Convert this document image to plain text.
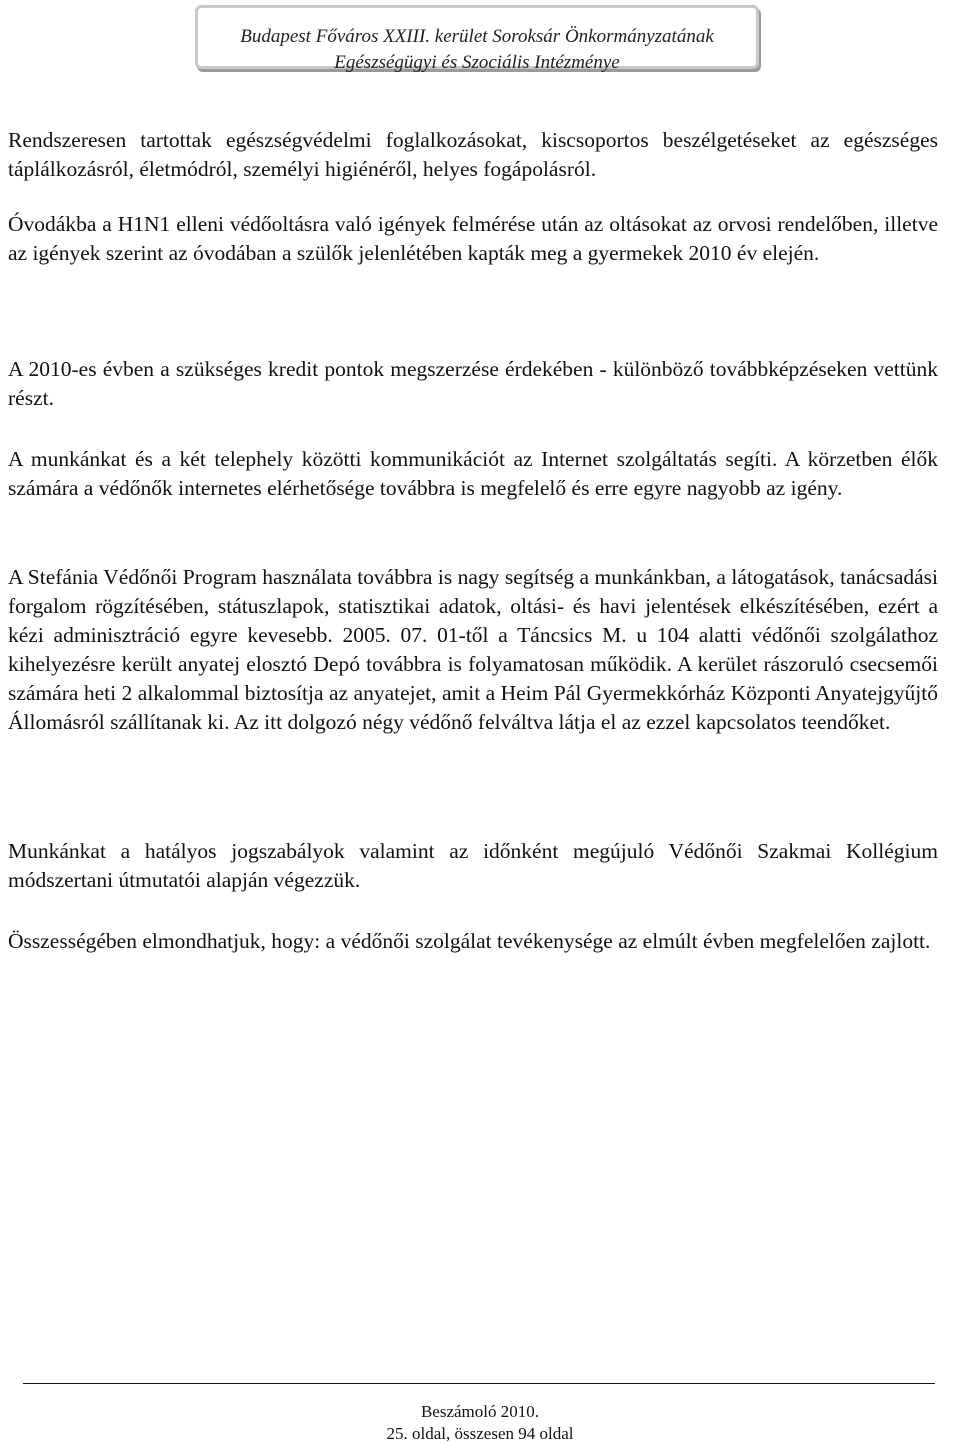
Budapest Főváros XXIII. kerület Soroksár Önkormányzatának
Egészségügyi és Szociális Intézménye

Rendszeresen tartottak egészségvédelmi foglalkozásokat, kiscsoportos beszélgetéseket az egészséges táplálkozásról, életmódról, személyi higiénéről, helyes fogápolásról.

Óvodákba a H1N1 elleni védőoltásra való igények felmérése után az oltásokat az orvosi rendelőben, illetve az igények szerint az óvodában a szülők jelenlétében kapták meg a gyermekek 2010 év elején.

A 2010-es évben a szükséges kredit pontok megszerzése érdekében - különböző továbbképzéseken vettünk részt.

A munkánkat és a két telephely közötti kommunikációt az Internet szolgáltatás segíti. A körzetben élők számára a védőnők internetes elérhetősége továbbra is megfelelő és erre egyre nagyobb az igény.

A Stefánia Védőnői Program használata továbbra is nagy segítség a munkánkban, a látogatások, tanácsadási forgalom rögzítésében, státuszlapok, statisztikai adatok, oltási- és havi jelentések elkészítésében, ezért a kézi adminisztráció egyre kevesebb. 2005. 07. 01-től a Táncsics M. u 104 alatti védőnői szolgálathoz kihelyezésre került anyatej elosztó Depó továbbra is folyamatosan működik. A kerület rászoruló csecsemői számára heti 2 alkalommal biztosítja az anyatejet, amit a Heim Pál Gyermekkórház Központi Anyatejgyűjtő Állomásról szállítanak ki. Az itt dolgozó négy védőnő felváltva látja el az ezzel kapcsolatos teendőket.

Munkánkat a hatályos jogszabályok valamint az időnként megújuló Védőnői Szakmai Kollégium módszertani útmutatói alapján végezzük.

Összességében elmondhatjuk, hogy: a védőnői szolgálat tevékenysége az elmúlt évben megfelelően zajlott.

Beszámoló 2010.
25. oldal, összesen 94 oldal
